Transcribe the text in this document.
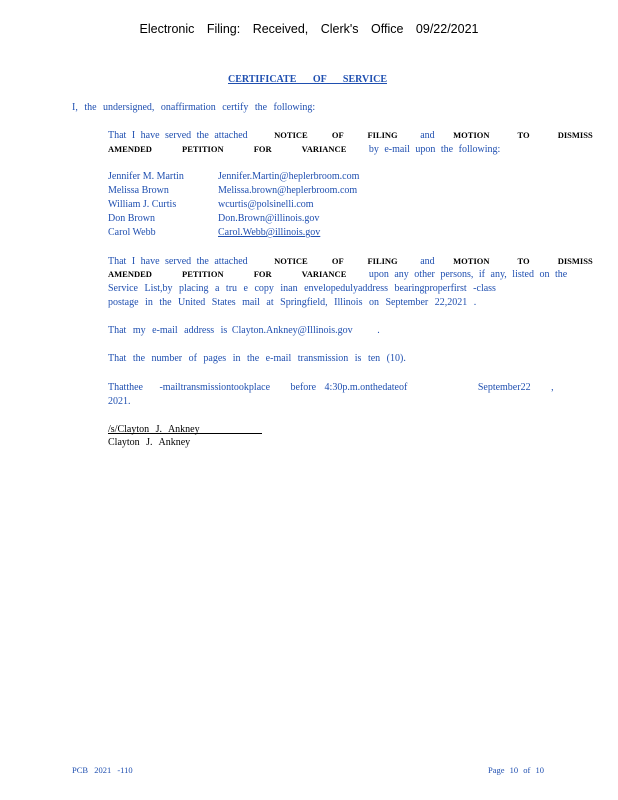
Electronic Filing: Received, Clerk's Office 09/22/2021
CERTIFICATE OF SERVICE
I, the undersigned, onaffirmation certify the following:
That I have served the attached	NOTICE OF FILING and MOTION TO DISMISS
AMENDED PETITION FOR VARIANCE by e-mail upon the following:
Jennifer M. Martin	Jennifer.Martin@heplerbroom.com
Melissa Brown	Melissa.brown@heplerbroom.com
William J. Curtis	wcurtis@polsinelli.com
Don Brown	Don.Brown@illinois.gov
Carol Webb	Carol.Webb@illinois.gov
That I have served the attached	NOTICE OF FILING and MOTION TO DISMISS
AMENDED PETITION FOR VARIANCE upon any other persons, if any, listed on the
Service List,by placing a tru e copy inan envelopedulyaddress bearingproperfirst -class
postage in the United States mail at Springfield, Illinois on September 22,2021 .
That my e-mail address is Clayton.Ankney@Illinois.gov .
That the number of pages in the e-mail transmission is ten (10).
Thatthee -mailtransmissiontookplace before 4:30p.m.onthedateof	September22 ,
2021.
/s/Clayton J. Ankney
Clayton J. Ankney
PCB 2021 -110	Page 10 of 10
